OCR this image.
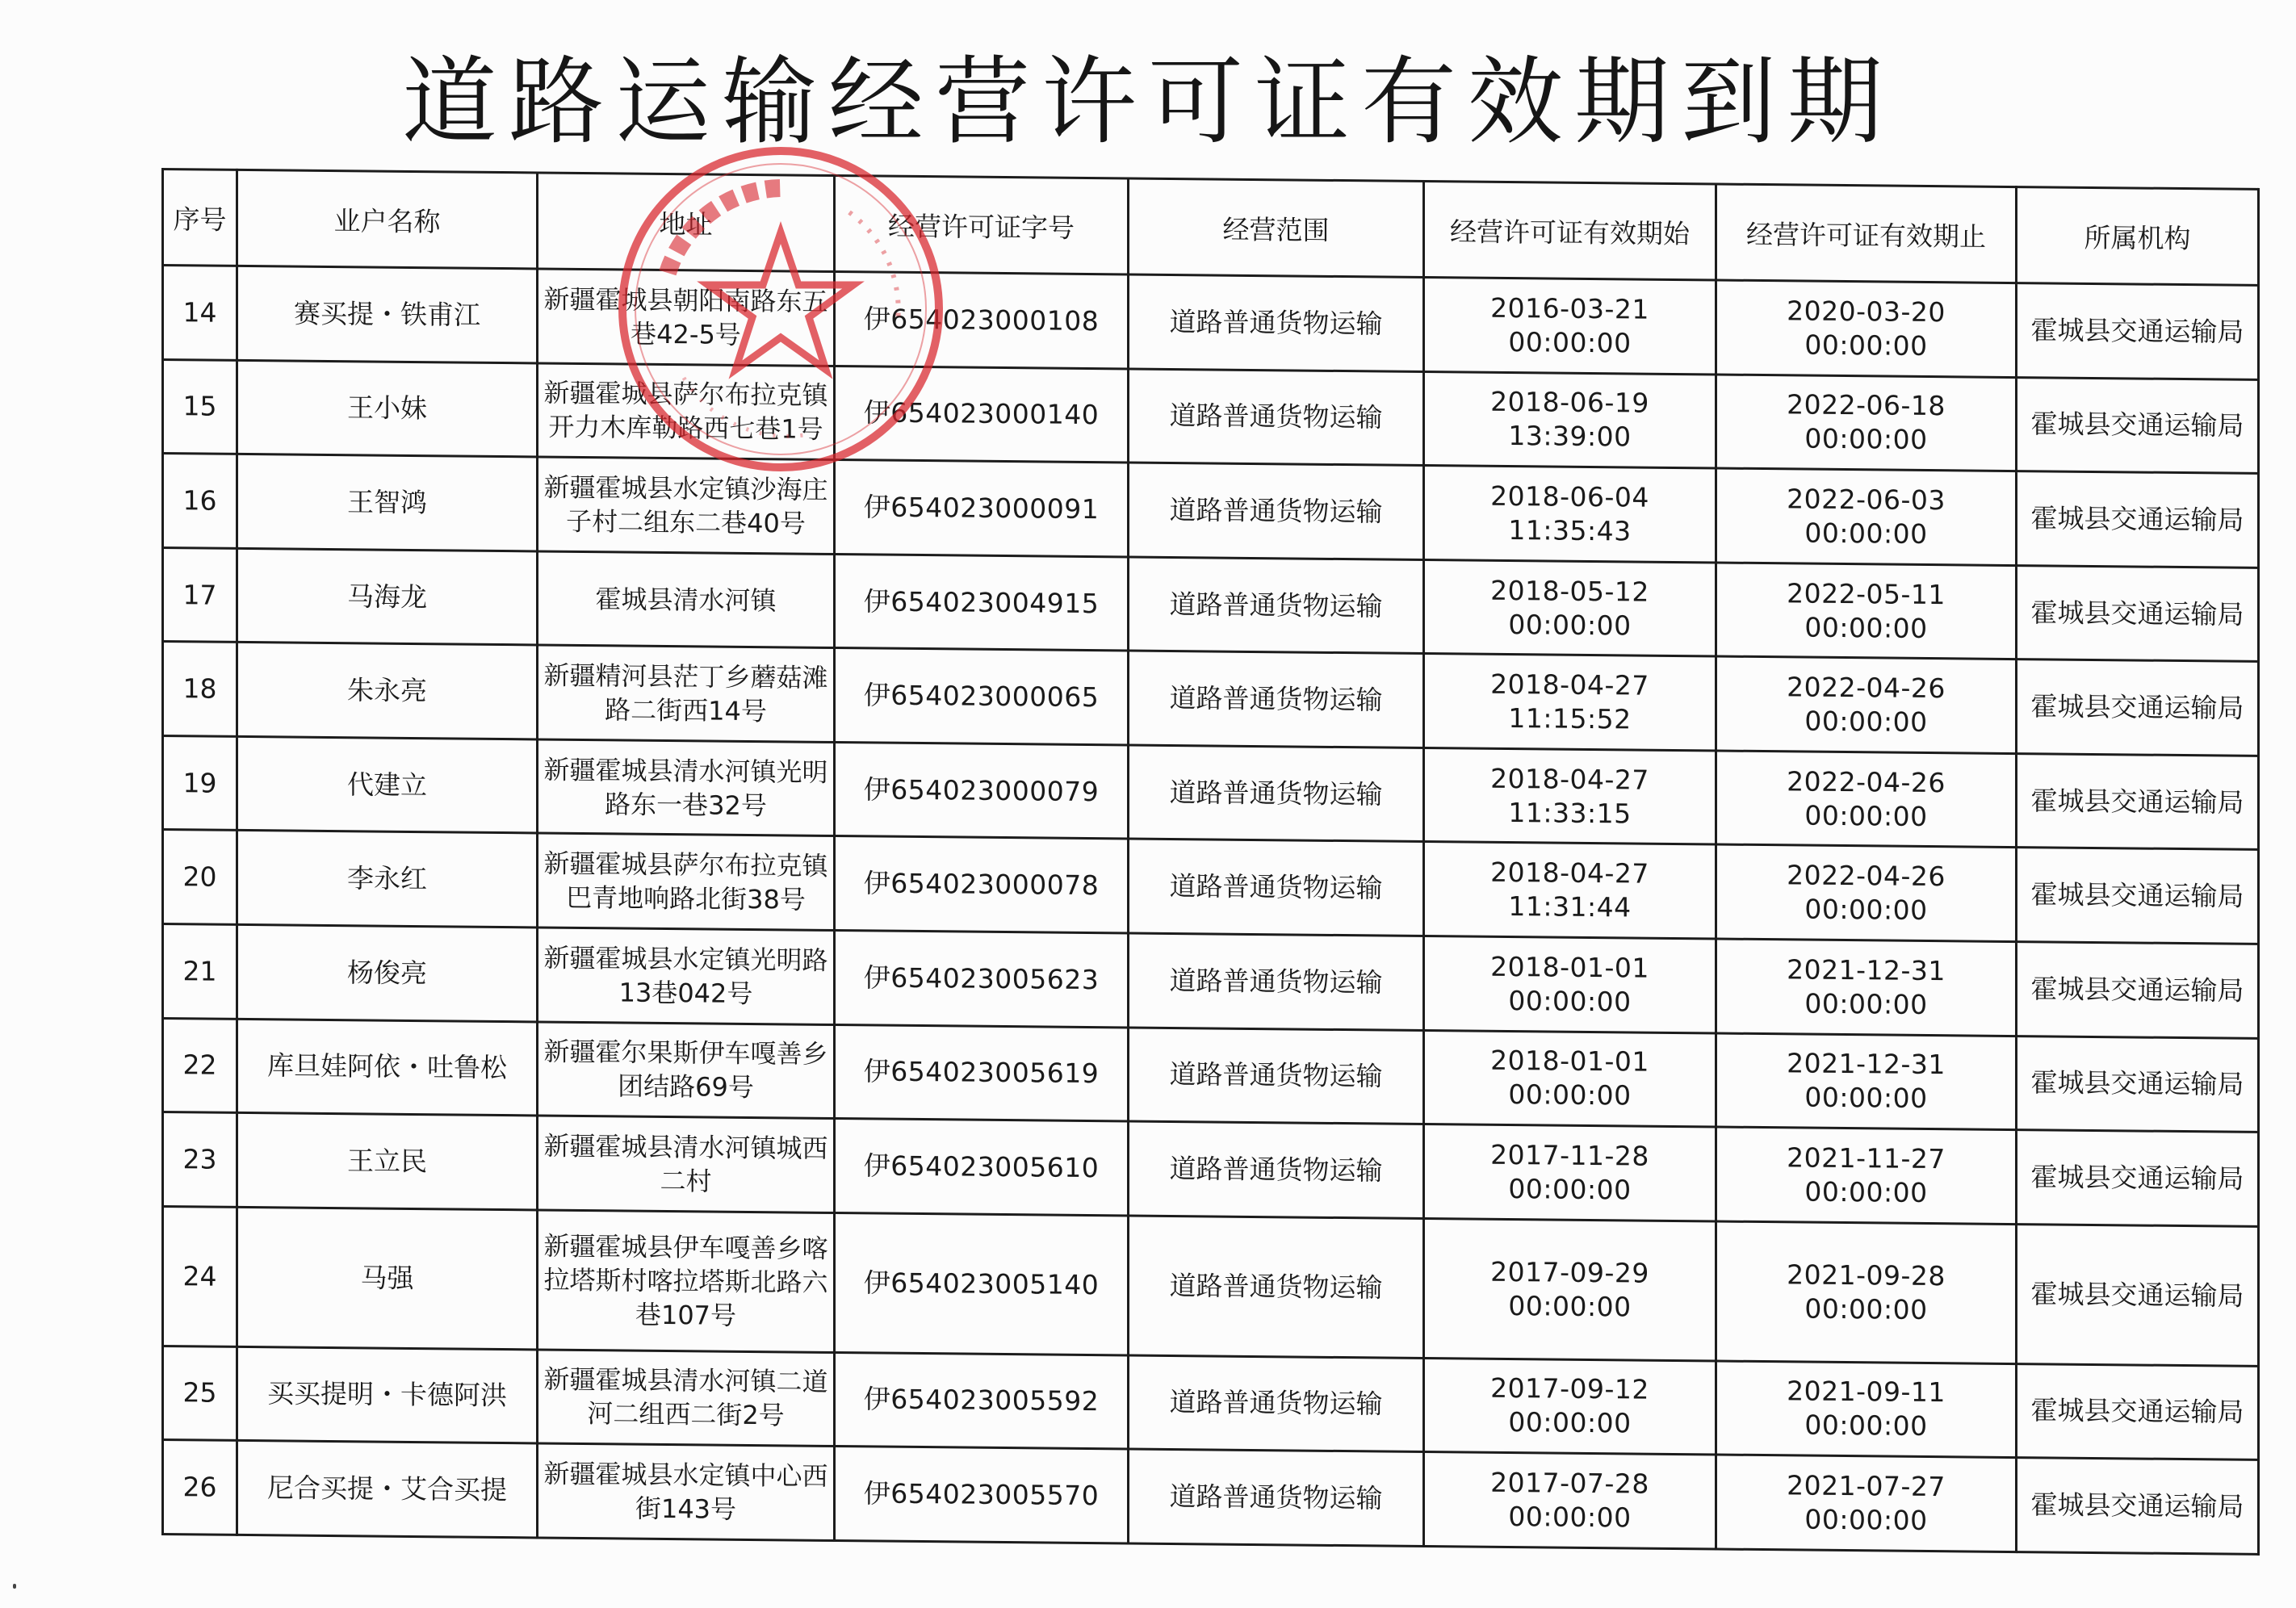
道路运输经营许可证有效期到期
序号	业户名称	地址	经营许可证字号	经营范围	经营许可证有效期始	经营许可证有效期止	所属机构
14	赛买提・铁甫江	新疆霍城县朝阳南路东五巷42-5号	伊654023000108	道路普通货物运输	2016-03-21 00:00:00	2020-03-20 00:00:00	霍城县交通运输局
15	王小妹	新疆霍城县萨尔布拉克镇开力木库勒路西七巷1号	伊654023000140	道路普通货物运输	2018-06-19 13:39:00	2022-06-18 00:00:00	霍城县交通运输局
16	王智鸿	新疆霍城县水定镇沙海庄子村二组东二巷40号	伊654023000091	道路普通货物运输	2018-06-04 11:35:43	2022-06-03 00:00:00	霍城县交通运输局
17	马海龙	霍城县清水河镇	伊654023004915	道路普通货物运输	2018-05-12 00:00:00	2022-05-11 00:00:00	霍城县交通运输局
18	朱永亮	新疆精河县茫丁乡蘑菇滩路二街西14号	伊654023000065	道路普通货物运输	2018-04-27 11:15:52	2022-04-26 00:00:00	霍城县交通运输局
19	代建立	新疆霍城县清水河镇光明路东一巷32号	伊654023000079	道路普通货物运输	2018-04-27 11:33:15	2022-04-26 00:00:00	霍城县交通运输局
20	李永红	新疆霍城县萨尔布拉克镇巴青地响路北街38号	伊654023000078	道路普通货物运输	2018-04-27 11:31:44	2022-04-26 00:00:00	霍城县交通运输局
21	杨俊亮	新疆霍城县水定镇光明路13巷042号	伊654023005623	道路普通货物运输	2018-01-01 00:00:00	2021-12-31 00:00:00	霍城县交通运输局
22	库旦娃阿依・吐鲁松	新疆霍尔果斯伊车嘎善乡团结路69号	伊654023005619	道路普通货物运输	2018-01-01 00:00:00	2021-12-31 00:00:00	霍城县交通运输局
23	王立民	新疆霍城县清水河镇城西二村	伊654023005610	道路普通货物运输	2017-11-28 00:00:00	2021-11-27 00:00:00	霍城县交通运输局
24	马强	新疆霍城县伊车嘎善乡喀拉塔斯村喀拉塔斯北路六巷107号	伊654023005140	道路普通货物运输	2017-09-29 00:00:00	2021-09-28 00:00:00	霍城县交通运输局
25	买买提明・卡德阿洪	新疆霍城县清水河镇二道河二组西二街2号	伊654023005592	道路普通货物运输	2017-09-12 00:00:00	2021-09-11 00:00:00	霍城县交通运输局
26	尼合买提・艾合买提	新疆霍城县水定镇中心西街143号	伊654023005570	道路普通货物运输	2017-07-28 00:00:00	2021-07-27 00:00:00	霍城县交通运输局
